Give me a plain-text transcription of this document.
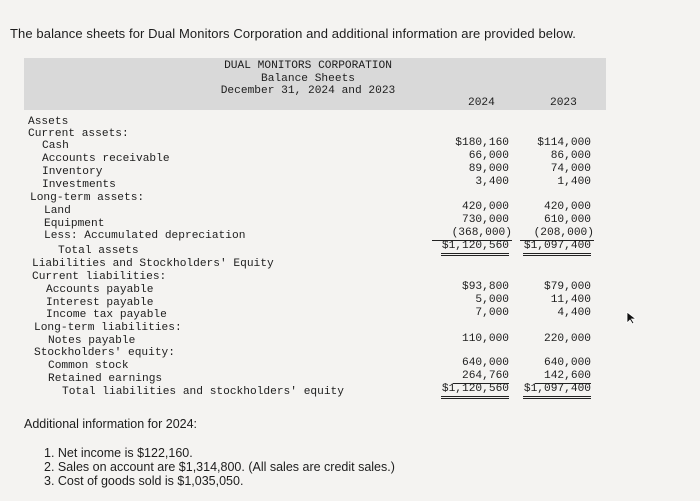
The balance sheets for Dual Monitors Corporation and additional information are provided below.
DUAL MONITORS CORPORATION
Balance Sheets
December 31, 2024 and 2023
2024	2023
Assets
Current assets:
Cash
Accounts receivable
Inventory
Investments
Long-term assets:
Land
Equipment
Less: Accumulated depreciation
Total assets
Liabilities and Stockholders' Equity
Current liabilities:
Accounts payable
Interest payable
Income tax payable
Long-term liabilities:
Notes payable
Stockholders' equity:
Common stock
Retained earnings
Total liabilities and stockholders' equity
$180,160
66,000
89,000
3,400
420,000
730,000
(368,000)
$1,120,560
$93,800
5,000
7,000
110,000
640,000
264,760
$1,120,560
$114,000
86,000
74,000
1,400
420,000
610,000
(208,000)
$1,097,400
$79,000
11,400
4,400
220,000
640,000
142,600
$1,097,400
Additional information for 2024:
1. Net income is $122,160.
2. Sales on account are $1,314,800. (All sales are credit sales.)
3. Cost of goods sold is $1,035,050.
